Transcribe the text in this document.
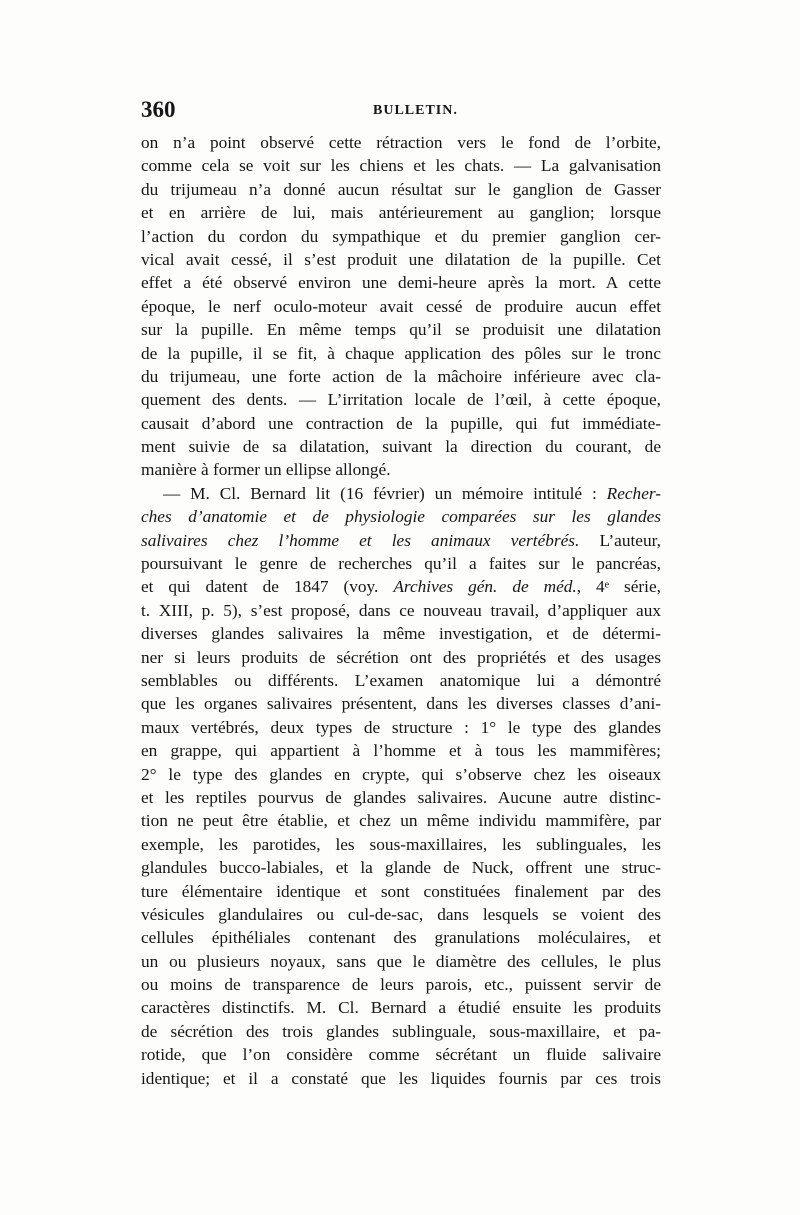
360	BULLETIN.
on n’a point observé cette rétraction vers le fond de l’orbite,
comme cela se voit sur les chiens et les chats. — La galvanisation
du trijumeau n’a donné aucun résultat sur le ganglion de Gasser
et en arrière de lui, mais antérieurement au ganglion; lorsque
l’action du cordon du sympathique et du premier ganglion cer-
vical avait cessé, il s’est produit une dilatation de la pupille. Cet
effet a été observé environ une demi-heure après la mort. A cette
époque, le nerf oculo-moteur avait cessé de produire aucun effet
sur la pupille. En même temps qu’il se produisit une dilatation
de la pupille, il se fit, à chaque application des pôles sur le tronc
du trijumeau, une forte action de la mâchoire inférieure avec cla-
quement des dents. — L’irritation locale de l’œil, à cette époque,
causait d’abord une contraction de la pupille, qui fut immédiate-
ment suivie de sa dilatation, suivant la direction du courant, de
manière à former un ellipse allongé.
— M. Cl. Bernard lit (16 février) un mémoire intitulé : Recher-
ches d’anatomie et de physiologie comparées sur les glandes
salivaires chez l’homme et les animaux vertébrés. L’auteur,
poursuivant le genre de recherches qu’il a faites sur le pancréas,
et qui datent de 1847 (voy. Archives gén. de méd., 4ᵉ série,
t. XIII, p. 5), s’est proposé, dans ce nouveau travail, d’appliquer aux
diverses glandes salivaires la même investigation, et de détermi-
ner si leurs produits de sécrétion ont des propriétés et des usages
semblables ou différents. L’examen anatomique lui a démontré
que les organes salivaires présentent, dans les diverses classes d’ani-
maux vertébrés, deux types de structure : 1° le type des glandes
en grappe, qui appartient à l’homme et à tous les mammifères;
2° le type des glandes en crypte, qui s’observe chez les oiseaux
et les reptiles pourvus de glandes salivaires. Aucune autre distinc-
tion ne peut être établie, et chez un même individu mammifère, par
exemple, les parotides, les sous-maxillaires, les sublinguales, les
glandules bucco-labiales, et la glande de Nuck, offrent une struc-
ture élémentaire identique et sont constituées finalement par des
vésicules glandulaires ou cul-de-sac, dans lesquels se voient des
cellules épithéliales contenant des granulations moléculaires, et
un ou plusieurs noyaux, sans que le diamètre des cellules, le plus
ou moins de transparence de leurs parois, etc., puissent servir de
caractères distinctifs. M. Cl. Bernard a étudié ensuite les produits
de sécrétion des trois glandes sublinguale, sous-maxillaire, et pa-
rotide, que l’on considère comme sécrétant un fluide salivaire
identique; et il a constaté que les liquides fournis par ces trois
